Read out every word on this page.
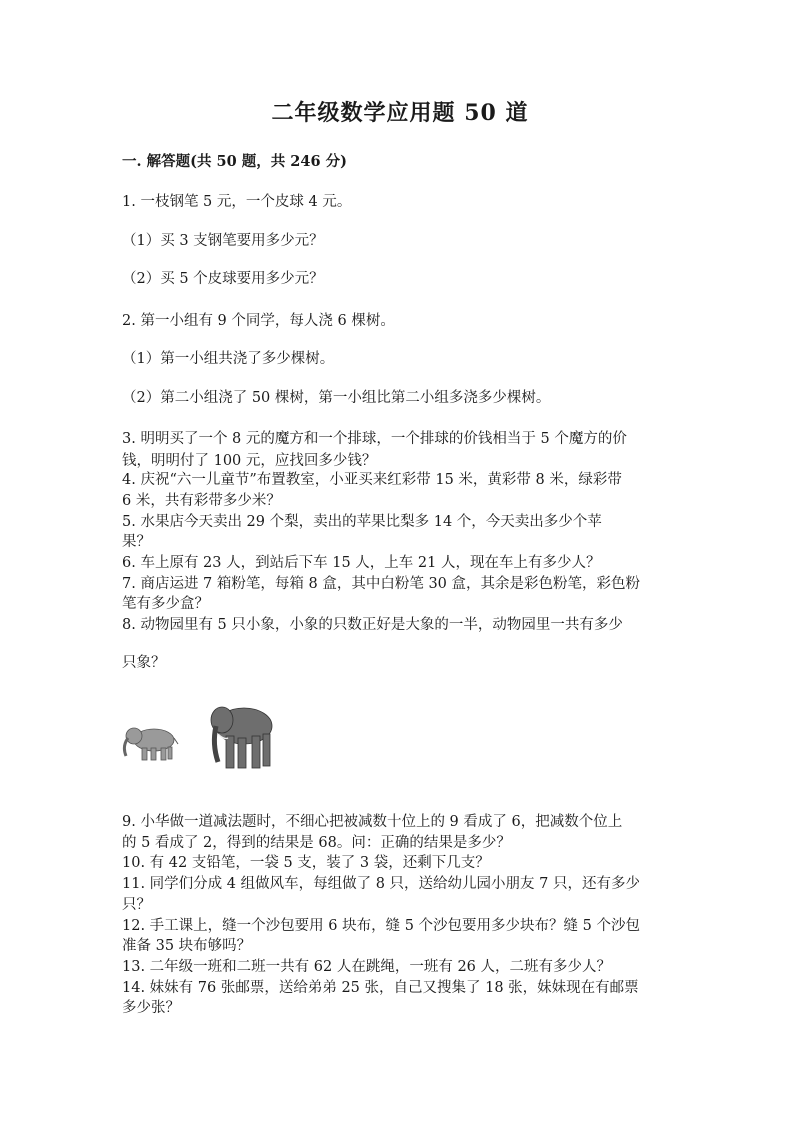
二年级数学应用题 50 道
一. 解答题(共 50 题，共 246 分)
1. 一枝钢笔 5 元，一个皮球 4 元。
（1）买 3 支钢笔要用多少元？
（2）买 5 个皮球要用多少元？
2. 第一小组有 9 个同学，每人浇 6 棵树。
（1）第一小组共浇了多少棵树。
（2）第二小组浇了 50 棵树，第一小组比第二小组多浇多少棵树。
3. 明明买了一个 8 元的魔方和一个排球，一个排球的价钱相当于 5 个魔方的价
钱，明明付了 100 元，应找回多少钱？
4. 庆祝“六一儿童节”布置教室，小亚买来红彩带 15 米，黄彩带 8 米，绿彩带
6 米，共有彩带多少米？
5. 水果店今天卖出 29 个梨，卖出的苹果比梨多 14 个，今天卖出多少个苹
果？
6. 车上原有 23 人，到站后下车 15 人，上车 21 人，现在车上有多少人？
7. 商店运进 7 箱粉笔，每箱 8 盒，其中白粉笔 30 盒，其余是彩色粉笔，彩色粉
笔有多少盒？
8. 动物园里有 5 只小象，小象的只数正好是大象的一半，动物园里一共有多少
只象？
9. 小华做一道减法题时，不细心把被减数十位上的 9 看成了 6，把减数个位上
的 5 看成了 2，得到的结果是 68。问：正确的结果是多少？
10. 有 42 支铅笔，一袋 5 支，装了 3 袋，还剩下几支？
11. 同学们分成 4 组做风车，每组做了 8 只，送给幼儿园小朋友 7 只，还有多少
只？
12. 手工课上，缝一个沙包要用 6 块布，缝 5 个沙包要用多少块布？缝 5 个沙包
准备 35 块布够吗？
13. 二年级一班和二班一共有 62 人在跳绳，一班有 26 人，二班有多少人？
14. 妹妹有 76 张邮票，送给弟弟 25 张，自己又搜集了 18 张，妹妹现在有邮票
多少张？
